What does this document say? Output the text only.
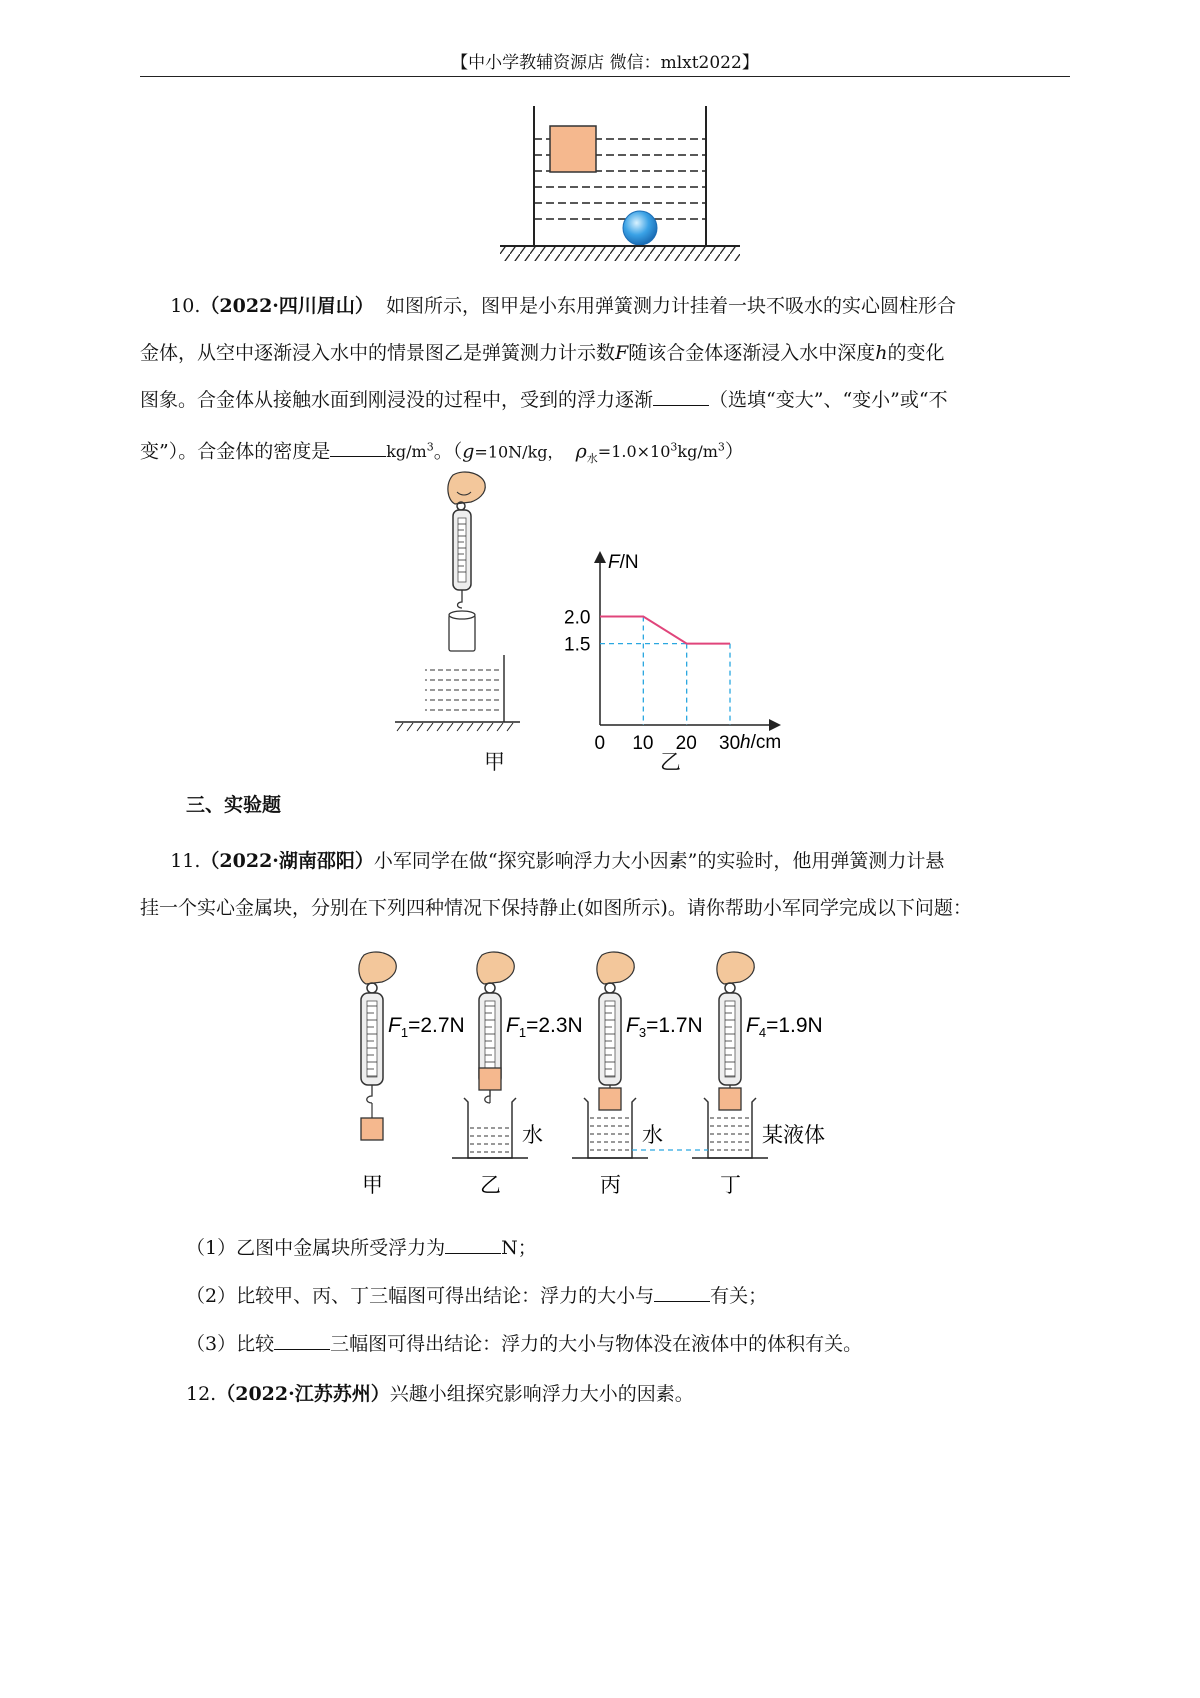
【中小学教辅资源店 微信：mlxt2022】

10.（2022·四川眉山） 如图所示，图甲是小东用弹簧测力计挂着一块不吸水的实心圆柱形合

金体，从空中逐渐浸入水中的情景图乙是弹簧测力计示数F随该合金体逐渐浸入水中深度h的变化

图象。合金体从接触水面到刚浸没的过程中，受到的浮力逐渐	（选填“变大”、“变小”或“不

变”）。合金体的密度是	$kg/m^3$。（g=10N/kg， $\rho_水=1.0\times 10^3kg/m^3$）

甲
F/N
0 10 20 30
2.0
1.5
h/cm
乙
三、实验题

11.（2022·湖南邵阳）小军同学在做“探究影响浮力大小因素”的实验时，他用弹簧测力计悬

挂一个实心金属块，分别在下列四种情况下保持静止(如图所示)。请你帮助小军同学完成以下问题：

$F_1=2.7N$
甲
$F_1=2.3N$
乙
$F_3=1.7N$
丙
$F_4=1.9N$
丁
水	水	某液体
（1）乙图中金属块所受浮力为	N；
（2）比较甲、丙、丁三幅图可得出结论：浮力的大小与	有关；
（3）比较	三幅图可得出结论：浮力的大小与物体没在液体中的体积有关。
12.（2022·江苏苏州）兴趣小组探究影响浮力大小的因素。
